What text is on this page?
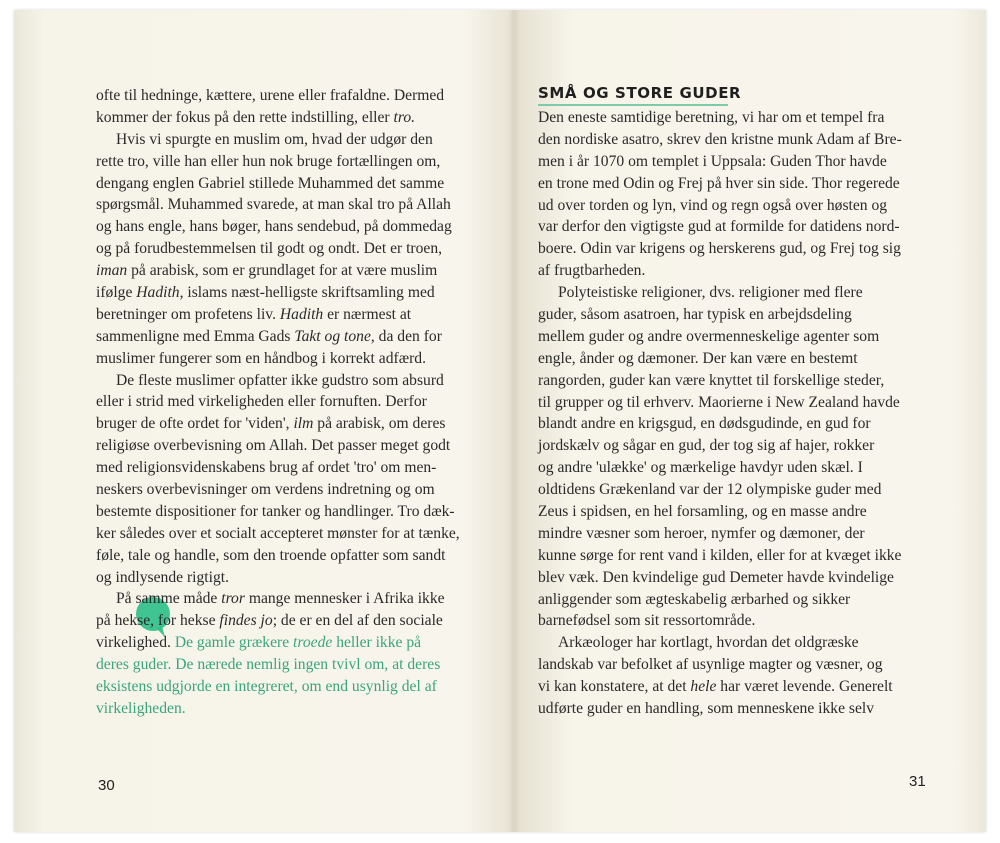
ofte til hedninge, kættere, urene eller frafaldne. Dermed
kommer der fokus på den rette indstilling, eller tro.
Hvis vi spurgte en muslim om, hvad der udgør den
rette tro, ville han eller hun nok bruge fortællingen om,
dengang englen Gabriel stillede Muhammed det samme
spørgsmål. Muhammed svarede, at man skal tro på Allah
og hans engle, hans bøger, hans sendebud, på dommedag
og på forudbestemmelsen til godt og ondt. Det er troen,
iman på arabisk, som er grundlaget for at være muslim
ifølge Hadith, islams næst-helligste skriftsamling med
beretninger om profetens liv. Hadith er nærmest at
sammenligne med Emma Gads Takt og tone, da den for
muslimer fungerer som en håndbog i korrekt adfærd.
De fleste muslimer opfatter ikke gudstro som absurd
eller i strid med virkeligheden eller fornuften. Derfor
bruger de ofte ordet for 'viden', ilm på arabisk, om deres
religiøse overbevisning om Allah. Det passer meget godt
med religionsvidenskabens brug af ordet 'tro' om men-
neskers overbevisninger om verdens indretning og om
bestemte dispositioner for tanker og handlinger. Tro dæk-
ker således over et socialt accepteret mønster for at tænke,
føle, tale og handle, som den troende opfatter som sandt
og indlysende rigtigt.
På samme måde tror mange mennesker i Afrika ikke
på hekse, for hekse findes jo; de er en del af den sociale
virkelighed. De gamle grækere troede heller ikke på
deres guder. De nærede nemlig ingen tvivl om, at deres
eksistens udgjorde en integreret, om end usynlig del af
virkeligheden.
30
SMÅ OG STORE GUDER
Den eneste samtidige beretning, vi har om et tempel fra
den nordiske asatro, skrev den kristne munk Adam af Bre-
men i år 1070 om templet i Uppsala: Guden Thor havde
en trone med Odin og Frej på hver sin side. Thor regerede
ud over torden og lyn, vind og regn også over høsten og
var derfor den vigtigste gud at formilde for datidens nord-
boere. Odin var krigens og herskerens gud, og Frej tog sig
af frugtbarheden.
Polyteistiske religioner, dvs. religioner med flere
guder, såsom asatroen, har typisk en arbejdsdeling
mellem guder og andre overmenneskelige agenter som
engle, ånder og dæmoner. Der kan være en bestemt
rangorden, guder kan være knyttet til forskellige steder,
til grupper og til erhverv. Maorierne i New Zealand havde
blandt andre en krigsgud, en dødsgudinde, en gud for
jordskælv og sågar en gud, der tog sig af hajer, rokker
og andre 'ulække' og mærkelige havdyr uden skæl. I
oldtidens Grækenland var der 12 olympiske guder med
Zeus i spidsen, en hel forsamling, og en masse andre
mindre væsner som heroer, nymfer og dæmoner, der
kunne sørge for rent vand i kilden, eller for at kvæget ikke
blev væk. Den kvindelige gud Demeter havde kvindelige
anliggender som ægteskabelig ærbarhed og sikker
barnefødsel som sit ressortområde.
Arkæologer har kortlagt, hvordan det oldgræske
landskab var befolket af usynlige magter og væsner, og
vi kan konstatere, at det hele har været levende. Generelt
udførte guder en handling, som menneskene ikke selv
31
